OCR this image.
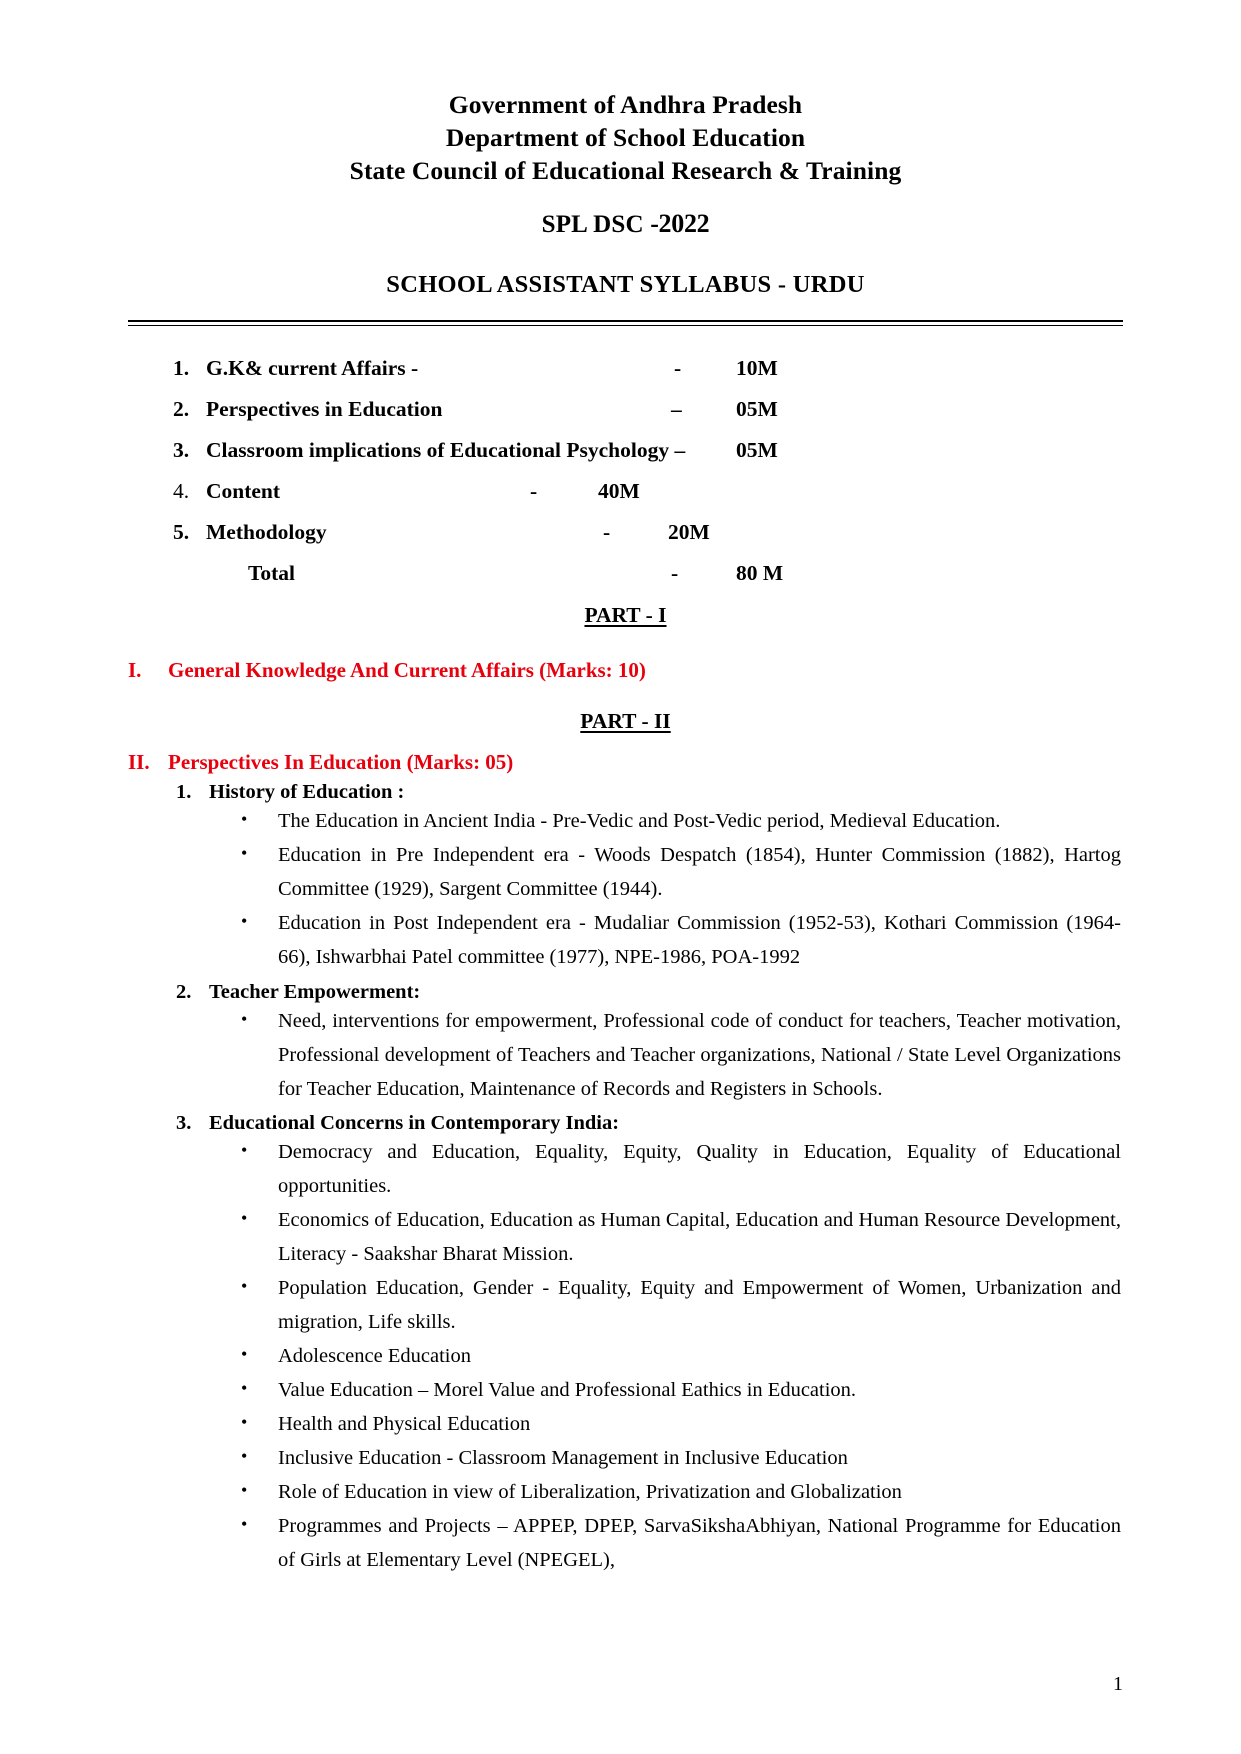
Government of Andhra Pradesh
Department of School Education
State Council of Educational Research & Training
SPL DSC -2022
SCHOOL ASSISTANT SYLLABUS - URDU
1. G.K& current Affairs -	-	10M
2. Perspectives in Education	–	05M
3. Classroom implications of Educational Psychology – 05M
4. Content	-	40M
5. Methodology	-	20M
Total	-	80 M
PART - I
I.	General Knowledge And Current Affairs (Marks: 10)
PART - II
II. Perspectives In Education (Marks: 05)
1. History of Education :
• The Education in Ancient India - Pre-Vedic and Post-Vedic period, Medieval Education.
• Education in Pre Independent era - Woods Despatch (1854), Hunter Commission (1882), Hartog Committee (1929), Sargent Committee (1944).
• Education in Post Independent era - Mudaliar Commission (1952-53), Kothari Commission (1964-66), Ishwarbhai Patel committee (1977), NPE-1986, POA-1992
2. Teacher Empowerment:
• Need, interventions for empowerment, Professional code of conduct for teachers, Teacher motivation, Professional development of Teachers and Teacher organizations, National / State Level Organizations for Teacher Education, Maintenance of Records and Registers in Schools.
3. Educational Concerns in Contemporary India:
• Democracy and Education, Equality, Equity, Quality in Education, Equality of Educational opportunities.
• Economics of Education, Education as Human Capital, Education and Human Resource Development, Literacy - Saakshar Bharat Mission.
• Population Education, Gender - Equality, Equity and Empowerment of Women, Urbanization and migration, Life skills.
• Adolescence Education
• Value Education – Morel Value and Professional Eathics in Education.
• Health and Physical Education
• Inclusive Education - Classroom Management in Inclusive Education
• Role of Education in view of Liberalization, Privatization and Globalization
• Programmes and Projects – APPEP, DPEP, SarvaSikshaAbhiyan, National Programme for Education of Girls at Elementary Level (NPEGEL),
1
